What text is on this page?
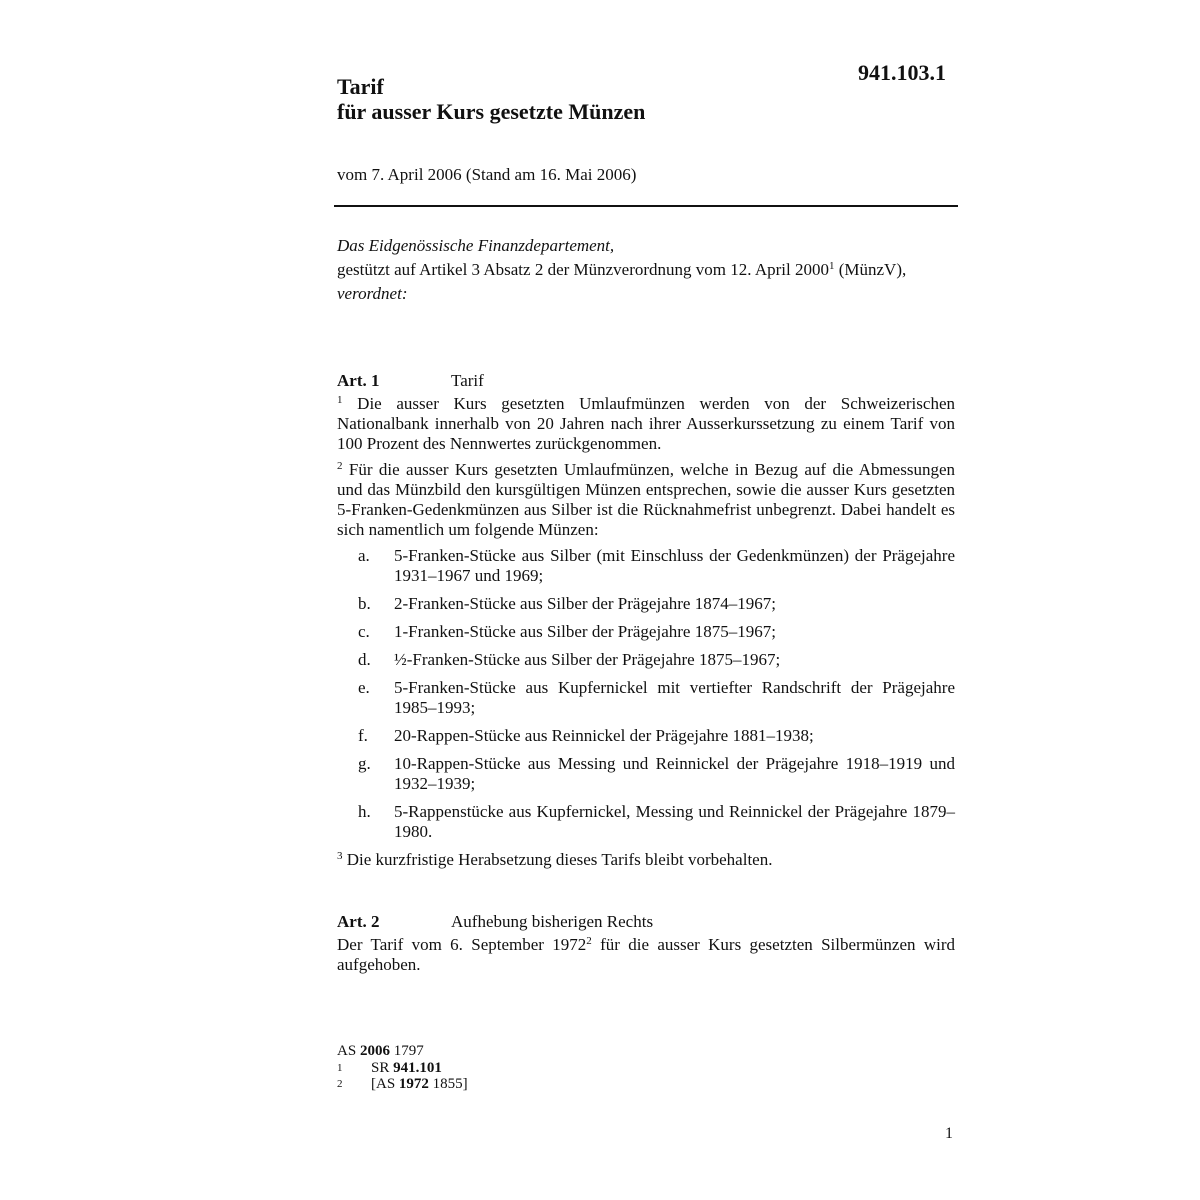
941.103.1
Tarif
für ausser Kurs gesetzte Münzen
vom 7. April 2006 (Stand am 16. Mai 2006)
Das Eidgenössische Finanzdepartement,
gestützt auf Artikel 3 Absatz 2 der Münzverordnung vom 12. April 2000$^1$ (MünzV),
verordnet:
Art. 1	Tarif

$^1$ Die ausser Kurs gesetzten Umlaufmünzen werden von der Schweizerischen Nationalbank innerhalb von 20 Jahren nach ihrer Ausserkurssetzung zu einem Tarif von 100 Prozent des Nennwertes zurückgenommen.

$^2$ Für die ausser Kurs gesetzten Umlaufmünzen, welche in Bezug auf die Abmessungen und das Münzbild den kursgültigen Münzen entsprechen, sowie die ausser Kurs gesetzten 5-Franken-Gedenkmünzen aus Silber ist die Rücknahmefrist unbegrenzt. Dabei handelt es sich namentlich um folgende Münzen:

a.	5-Franken-Stücke aus Silber (mit Einschluss der Gedenkmünzen) der Prägejahre 1931–1967 und 1969;
b.	2-Franken-Stücke aus Silber der Prägejahre 1874–1967;
c.	1-Franken-Stücke aus Silber der Prägejahre 1875–1967;
d.	½-Franken-Stücke aus Silber der Prägejahre 1875–1967;
e.	5-Franken-Stücke aus Kupfernickel mit vertiefter Randschrift der Prägejahre 1985–1993;
f.	20-Rappen-Stücke aus Reinnickel der Prägejahre 1881–1938;
g.	10-Rappen-Stücke aus Messing und Reinnickel der Prägejahre 1918–1919 und 1932–1939;
h.	5-Rappenstücke aus Kupfernickel, Messing und Reinnickel der Prägejahre 1879–1980.

$^3$ Die kurzfristige Herabsetzung dieses Tarifs bleibt vorbehalten.

Art. 2	Aufhebung bisherigen Rechts

Der Tarif vom 6. September 1972$^2$ für die ausser Kurs gesetzten Silbermünzen wird aufgehoben.

AS 2006 1797
1	SR 941.101
2	[AS 1972 1855]
1
